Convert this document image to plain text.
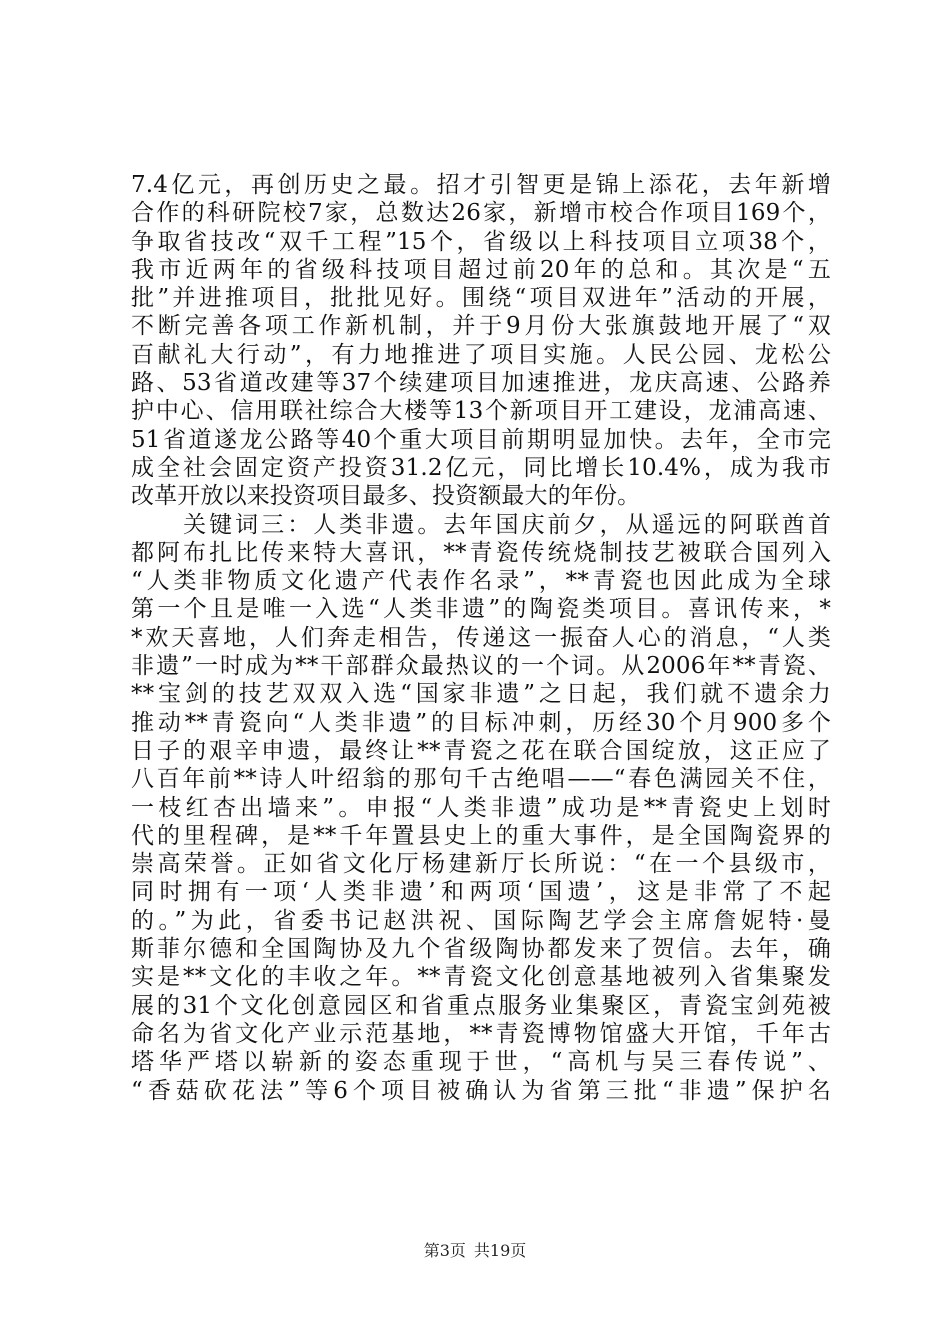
7.4亿元，再创历史之最。招才引智更是锦上添花，去年新增
合作的科研院校7家，总数达26家，新增市校合作项目169个，
争取省技改“双千工程”15个，省级以上科技项目立项38个，
我市近两年的省级科技项目超过前20年的总和。其次是“五
批”并进推项目，批批见好。围绕“项目双进年”活动的开展，
不断完善各项工作新机制，并于9月份大张旗鼓地开展了“双
百献礼大行动”，有力地推进了项目实施。人民公园、龙松公
路、53省道改建等37个续建项目加速推进，龙庆高速、公路养
护中心、信用联社综合大楼等13个新项目开工建设，龙浦高速、
51省道遂龙公路等40个重大项目前期明显加快。去年，全市完
成全社会固定资产投资31.2亿元，同比增长10.4%，成为我市
改革开放以来投资项目最多、投资额最大的年份。
　　关键词三：人类非遗。去年国庆前夕，从遥远的阿联酋首
都阿布扎比传来特大喜讯，**青瓷传统烧制技艺被联合国列入
“人类非物质文化遗产代表作名录”，**青瓷也因此成为全球
第一个且是唯一入选“人类非遗”的陶瓷类项目。喜讯传来，*
*欢天喜地，人们奔走相告，传递这一振奋人心的消息，“人类
非遗”一时成为**干部群众最热议的一个词。从2006年**青瓷、
**宝剑的技艺双双入选“国家非遗”之日起，我们就不遗余力
推动**青瓷向“人类非遗”的目标冲刺，历经30个月900多个
日子的艰辛申遗，最终让**青瓷之花在联合国绽放，这正应了
八百年前**诗人叶绍翁的那句千古绝唱——“春色满园关不住，
一枝红杏出墙来”。申报“人类非遗”成功是**青瓷史上划时
代的里程碑，是**千年置县史上的重大事件，是全国陶瓷界的
崇高荣誉。正如省文化厅杨建新厅长所说：“在一个县级市，
同时拥有一项‘人类非遗’和两项‘国遗’，这是非常了不起
的。”为此，省委书记赵洪祝、国际陶艺学会主席詹妮特·曼
斯菲尔德和全国陶协及九个省级陶协都发来了贺信。去年，确
实是**文化的丰收之年。**青瓷文化创意基地被列入省集聚发
展的31个文化创意园区和省重点服务业集聚区，青瓷宝剑苑被
命名为省文化产业示范基地，**青瓷博物馆盛大开馆，千年古
塔华严塔以崭新的姿态重现于世，“高机与吴三春传说”、
“香菇砍花法”等6个项目被确认为省第三批“非遗”保护名
第3页 共19页
